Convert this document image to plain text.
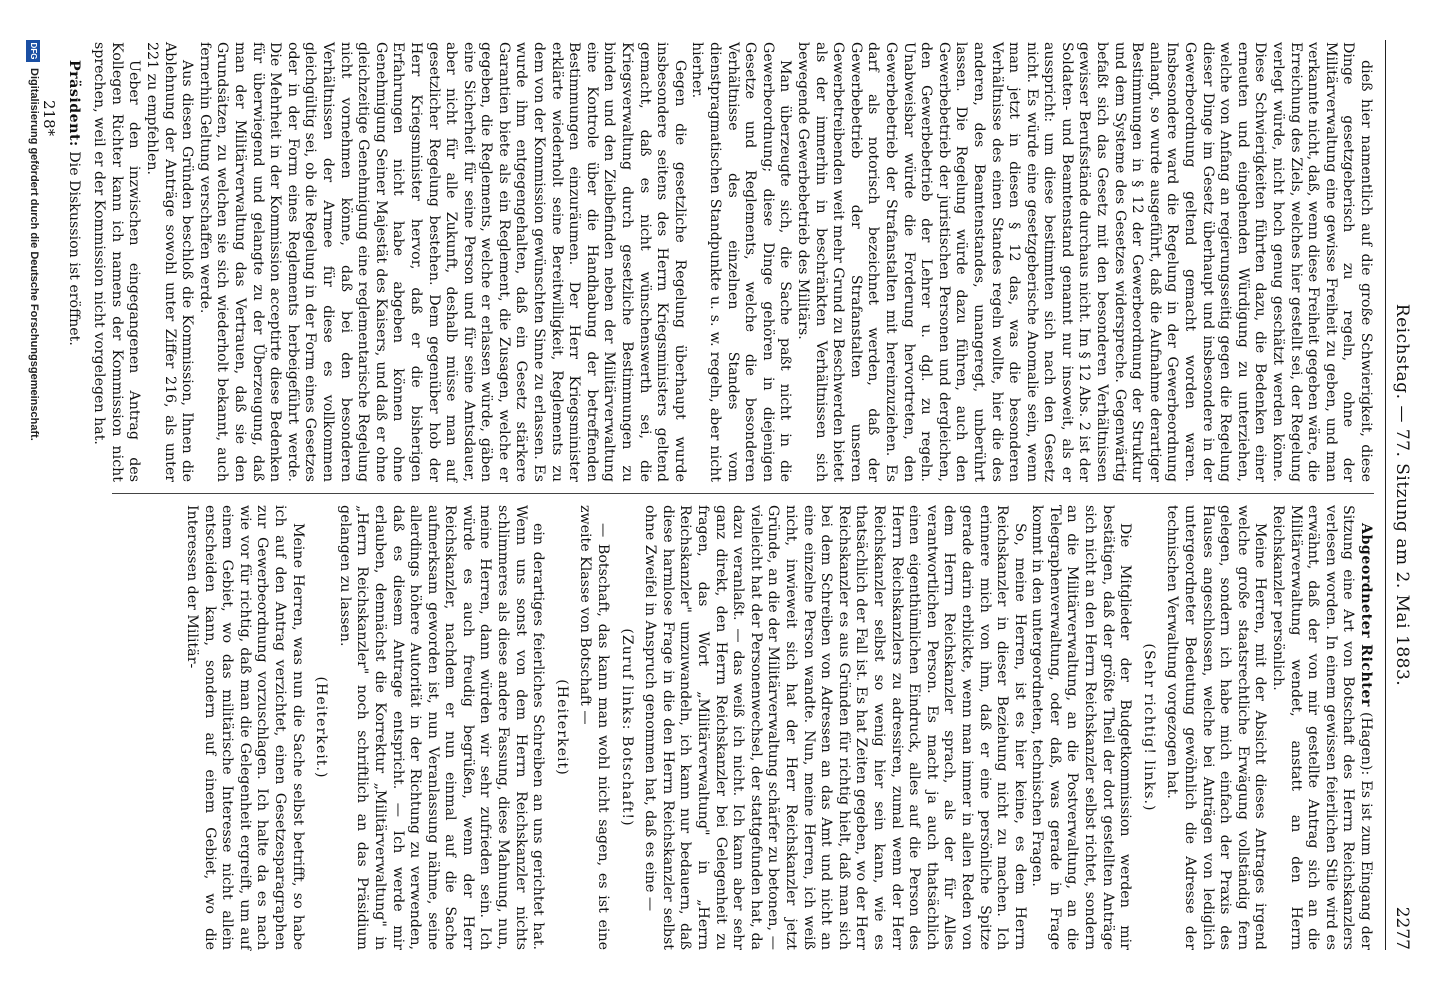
Reichstag. — 77. Sitzung am 2. Mai 1883.
2277

dieß hier namentlich auf die große Schwierigkeit, diese Dinge gesetzgeberisch zu regeln, ohne der Militärverwaltung eine gewisse Freiheit zu geben, und man verkannte nicht, daß, wenn diese Freiheit gegeben wäre, die Erreichung des Ziels, welches hier gestellt sei, der Regelung verlegt würde, nicht hoch genug geschätzt werden könne. Diese Schwierigkeiten führten dazu, die Bedenken einer erneuten und eingehenden Würdigung zu unterziehen, welche von Anfang an regierungsseitig gegen die Regelung dieser Dinge im Gesetz überhaupt und insbesondere in der Gewerbeordnung geltend gemacht worden waren. Insbesondere ward die Regelung in der Gewerbeordnung anlangt, so wurde ausgeführt, daß die Aufnahme derartiger Bestimmungen in § 12 der Gewerbeordnung der Struktur und dem Systeme des Gesetzes widerspreche. Gegenwärtig befaßt sich das Gesetz mit den besonderen Verhältnissen gewisser Berufsstände durchaus nicht. Im § 12 Abs. 2 ist der Soldaten- und Beamtenstand genannt nur insoweit, als er ausspricht: um diese bestimmten sich nach den Gesetz nicht. Es würde eine gesetzgeberische Anomalie sein, wenn man jetzt in diesen § 12 das, was die besonderen Verhältnisse des einen Standes regeln wollte, hier die des anderen, des Beamtenstandes, unangeregt, unberührt lassen. Die Regelung würde dazu führen, auch den Gewerbebetrieb der juristischen Personen und dergleichen, den Gewerbebetrieb der Lehrer u. dgl. zu regeln. Unabweisbar würde die Forderung hervortreten, den Gewerbebetrieb der Strafanstalten mit hereinzuziehen. Es darf als notorisch bezeichnet werden, daß der Gewerbebetrieb der Strafanstalten unseren Gewerbetreibenden weit mehr Grund zu Beschwerden bietet als der immerhin in beschränkten Verhältnissen sich bewegende Gewerbebetrieb des Militärs.

Man überzeugte sich, die Sache paßt nicht in die Gewerbeordnung; diese Dinge gehören in diejenigen Gesetze und Reglements, welche die besonderen Verhältnisse des einzelnen Standes vom dienstpragmatischen Standpunkte u. s. w. regeln, aber nicht hierher.

Gegen die gesetzliche Regelung überhaupt wurde insbesondere seitens des Herrn Kriegsministers geltend gemacht, daß es nicht wünschenswerth sei, die Kriegsverwaltung durch gesetzliche Bestimmungen zu binden und den Zielbefinden neben der Militärverwaltung eine Kontrole über die Handhabung der betreffenden Bestimmungen einzuräumen. Der Herr Kriegsminister erklärte wiederholt seine Bereitwilligkeit, Reglements zu dem von der Kommission gewünschten Sinne zu erlassen. Es wurde ihm entgegengehalten, daß ein Gesetz stärkere Garantien biete als ein Reglement, die Zusagen, welche er gegeben, die Reglements, welche er erlassen würde, gäben eine Sicherheit für seine Person und für seine Amtsdauer, aber nicht für alle Zukunft, deshalb müsse man auf gesetzlicher Regelung bestehen. Dem gegenüber hob der Herr Kriegsminister hervor, daß er die bisherigen Erfahrungen nicht habe abgeben können ohne Genehmigung Seiner Majestät des Kaisers, und daß er ohne gleichzeitige Genehmigung eine reglementarische Regelung nicht vornehmen könne, daß bei den besonderen Verhältnissen der Armee für diese es vollkommen gleichgültig sei, ob die Regelung in der Form eines Gesetzes oder in der Form eines Reglements herbeigeführt werde. Die Mehrheit in der Kommission acceptirte diese Bedenken für überwiegend und gelangte zu der Überzeugung, daß man der Militärverwaltung das Vertrauen, daß sie den Grundsätzen, zu welchen sie sich wiederholt bekannt, auch fernerhin Geltung verschaffen werde.

Aus diesen Gründen beschloß die Kommission, Ihnen die Ablehnung der Anträge sowohl unter Ziffer 216, als unter 221 zu empfehlen.

Ueber den inzwischen eingegangenen Antrag des Kollegen Richter kann ich namens der Kommission nicht sprechen, weil er der Kommission nicht vorgelegen hat.

Präsident: Die Diskussion ist eröffnet.

Abgeordneter Richter (Hagen): Es ist zum Eingang der Sitzung eine Art von Botschaft des Herrn Reichskanzlers verlesen worden. In einem gewissen feierlichen Stile wird es erwähnt, daß der von mir gestellte Antrag sich an die Militärverwaltung wendet, anstatt an den Herrn Reichskanzler persönlich.

Meine Herren, mit der Absicht dieses Antrages irgend welche große staatsrechtliche Erwägung vollständig fern gelegen, sondern ich habe mich einfach der Praxis des Hauses angeschlossen, welche bei Anträgen von lediglich untergeordneter Bedeutung gewöhnlich die Adresse der technischen Verwaltung vorgezogen hat.

(Sehr richtig! links.)

Die Mitglieder der Budgetkommission werden mir bestätigen, daß der größte Theil der dort gestellten Anträge sich nicht an den Herrn Reichskanzler selbst richtet, sondern an die Militärverwaltung, an die Postverwaltung, an die Telegraphenverwaltung, oder daß, was gerade in Frage kommt in den untergeordneten, technischen Fragen.

So, meine Herren, ist es hier keine, es dem Herrn Reichskanzler in dieser Beziehung nicht zu machen. Ich erinnere mich von ihm, daß er eine persönliche Spitze gerade darin erblickte, wenn man immer in allen Reden von dem Herrn Reichskanzler sprach, als der für Alles verantwortlichen Person. Es macht ja auch thatsächlich einen eigenthümlichen Eindruck, alles auf die Person des Herrn Reichskanzlers zu adressiren, zumal wenn der Herr Reichskanzler selbst so wenig hier sein kann, wie es thatsächlich der Fall ist. Es hat Zeiten gegeben, wo der Herr Reichskanzler es aus Gründen für richtig hielt, daß man sich bei dem Schreiben von Adressen an das Amt und nicht an eine einzelne Person wandte. Nun, meine Herren, ich weiß nicht, inwieweit sich hat der Herr Reichskanzler jetzt Gründe, an die der Militärverwaltung schärfer zu betonen, — vielleicht hat der Personenwechsel, der stattgefunden hat, da dazu veranlaßt. — das weiß ich nicht. Ich kann aber sehr ganz direkt, den Herrn Reichskanzler bei Gelegenheit zu fragen, das Wort „Militärverwaltung" in „Herrn Reichskanzler" umzuwandeln, ich kann nur bedauern, daß diese harmlose Frage in die den Herrn Reichskanzler selbst ohne Zweifel in Anspruch genommen hat, daß es eine —

(Zuruf links: Botschaft!)

— Botschaft, das kann man wohl nicht sagen, es ist eine zweite Klasse von Botschaft —

(Heiterkeit)

ein derartiges feierliches Schreiben an uns gerichtet hat. Wenn uns sonst von dem Herrn Reichskanzler nichts schlimmeres als diese andere Fassung, diese Mahnung, nun, meine Herren, dann würden wir sehr zufrieden sein. Ich würde es auch freudig begrüßen, wenn der Herr Reichskanzler, nachdem er nun einmal auf die Sache aufmerksam geworden ist, nun Veranlassung nähme, seine allerdings höhere Autorität in der Richtung zu verwenden, daß es diesem Antrage entspricht. — Ich werde mir erlauben, demnächst die Korrektur „Militärverwaltung" in „Herrn Reichskanzler" noch schriftlich an das Präsidium gelangen zu lassen.

(Heiterkeit.)

Meine Herren, was nun die Sache selbst betrifft, so habe ich auf den Antrag verzichtet, einen Gesetzesparagraphen zur Gewerbeordnung vorzuschlagen. Ich halte da es nach wie vor für richtig, daß man die Gelegenheit ergreift, um auf einem Gebiet, wo das militärische Interesse nicht allein entscheiden kann, sondern auf einem Gebiet, wo die Interessen der Militär-

218*
DFG
Digitalisierung gefördert durch die Deutsche Forschungsgemeinschaft.
